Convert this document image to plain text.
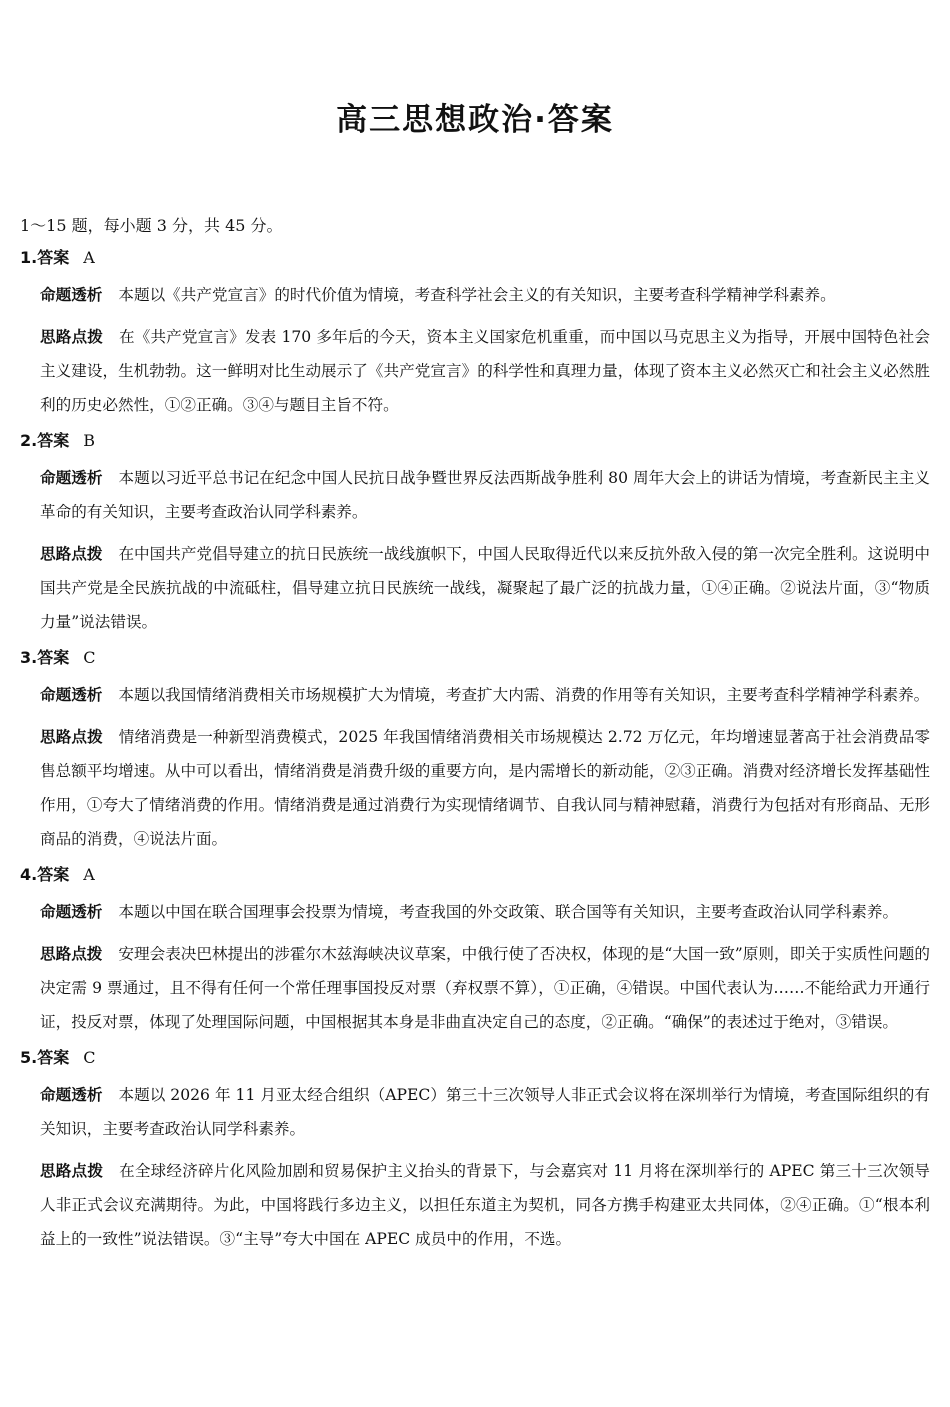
高三思想政治·答案
1～15 题，每小题 3 分，共 45 分。
1.答案 A

命题透析 本题以《共产党宣言》的时代价值为情境，考查科学社会主义的有关知识，主要考查科学精神学科素养。

思路点拨 在《共产党宣言》发表 170 多年后的今天，资本主义国家危机重重，而中国以马克思主义为指导，开展中国特色社会主义建设，生机勃勃。这一鲜明对比生动展示了《共产党宣言》的科学性和真理力量，体现了资本主义必然灭亡和社会主义必然胜利的历史必然性，①②正确。③④与题目主旨不符。

2.答案 B

命题透析 本题以习近平总书记在纪念中国人民抗日战争暨世界反法西斯战争胜利 80 周年大会上的讲话为情境，考查新民主主义革命的有关知识，主要考查政治认同学科素养。

思路点拨 在中国共产党倡导建立的抗日民族统一战线旗帜下，中国人民取得近代以来反抗外敌入侵的第一次完全胜利。这说明中国共产党是全民族抗战的中流砥柱，倡导建立抗日民族统一战线，凝聚起了最广泛的抗战力量，①④正确。②说法片面，③“物质力量”说法错误。

3.答案 C

命题透析 本题以我国情绪消费相关市场规模扩大为情境，考查扩大内需、消费的作用等有关知识，主要考查科学精神学科素养。

思路点拨 情绪消费是一种新型消费模式，2025 年我国情绪消费相关市场规模达 2.72 万亿元，年均增速显著高于社会消费品零售总额平均增速。从中可以看出，情绪消费是消费升级的重要方向，是内需增长的新动能，②③正确。消费对经济增长发挥基础性作用，①夸大了情绪消费的作用。情绪消费是通过消费行为实现情绪调节、自我认同与精神慰藉，消费行为包括对有形商品、无形商品的消费，④说法片面。

4.答案 A

命题透析 本题以中国在联合国理事会投票为情境，考查我国的外交政策、联合国等有关知识，主要考查政治认同学科素养。

思路点拨 安理会表决巴林提出的涉霍尔木兹海峡决议草案，中俄行使了否决权，体现的是“大国一致”原则，即关于实质性问题的决定需 9 票通过，且不得有任何一个常任理事国投反对票（弃权票不算），①正确，④错误。中国代表认为……不能给武力开通行证，投反对票，体现了处理国际问题，中国根据其本身是非曲直决定自己的态度，②正确。“确保”的表述过于绝对，③错误。

5.答案 C

命题透析 本题以 2026 年 11 月亚太经合组织（APEC）第三十三次领导人非正式会议将在深圳举行为情境，考查国际组织的有关知识，主要考查政治认同学科素养。

思路点拨 在全球经济碎片化风险加剧和贸易保护主义抬头的背景下，与会嘉宾对 11 月将在深圳举行的 APEC 第三十三次领导人非正式会议充满期待。为此，中国将践行多边主义，以担任东道主为契机，同各方携手构建亚太共同体，②④正确。①“根本利益上的一致性”说法错误。③“主导”夸大中国在 APEC 成员中的作用，不选。
